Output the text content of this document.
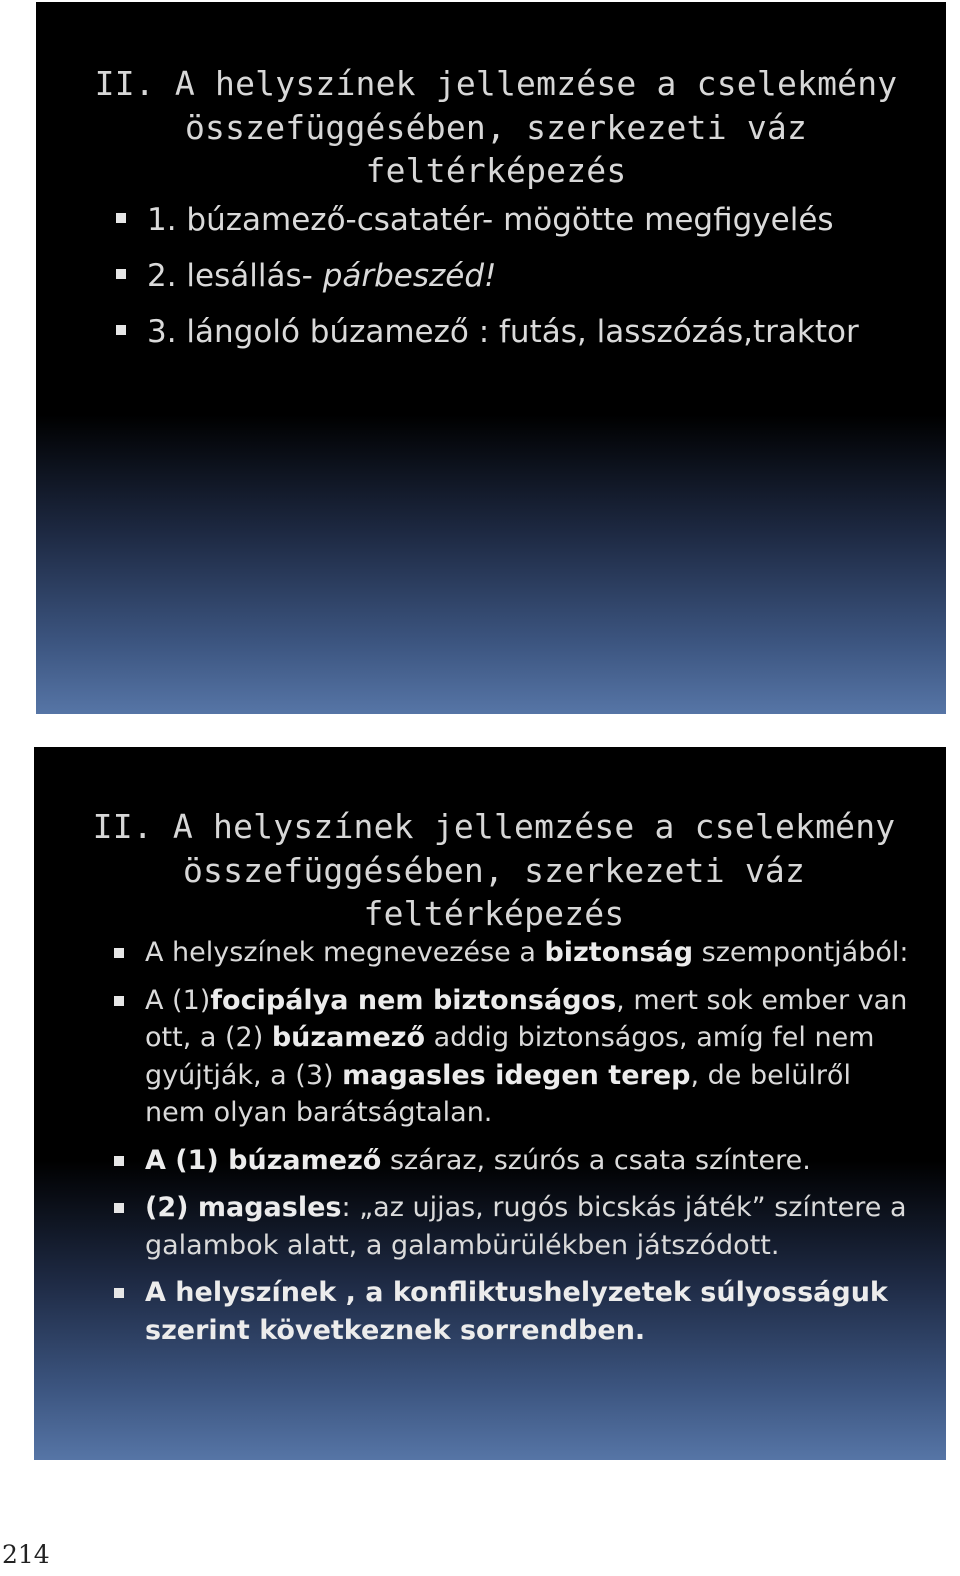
II. A helyszínek jellemzése a cselekmény
összefüggésében, szerkezeti váz
feltérképezés
1. búzamező-csatatér- mögötte megfigyelés
2. lesállás- párbeszéd!
3. lángoló búzamező : futás, lasszózás,traktor
II. A helyszínek jellemzése a cselekmény
összefüggésében, szerkezeti váz
feltérképezés
A helyszínek megnevezése a biztonság szempontjából:
A (1)focipálya nem biztonságos, mert sok ember van ott, a (2) búzamező addig biztonságos, amíg fel nem gyújtják, a (3) magasles idegen terep, de belülről nem olyan barátságtalan.
A (1) búzamező száraz, szúrós a csata színtere.
(2) magasles: „az ujjas, rugós bicskás játék” színtere a galambok alatt, a galambürülékben játszódott.
A helyszínek , a konfliktushelyzetek súlyosságuk szerint következnek sorrendben.
214
